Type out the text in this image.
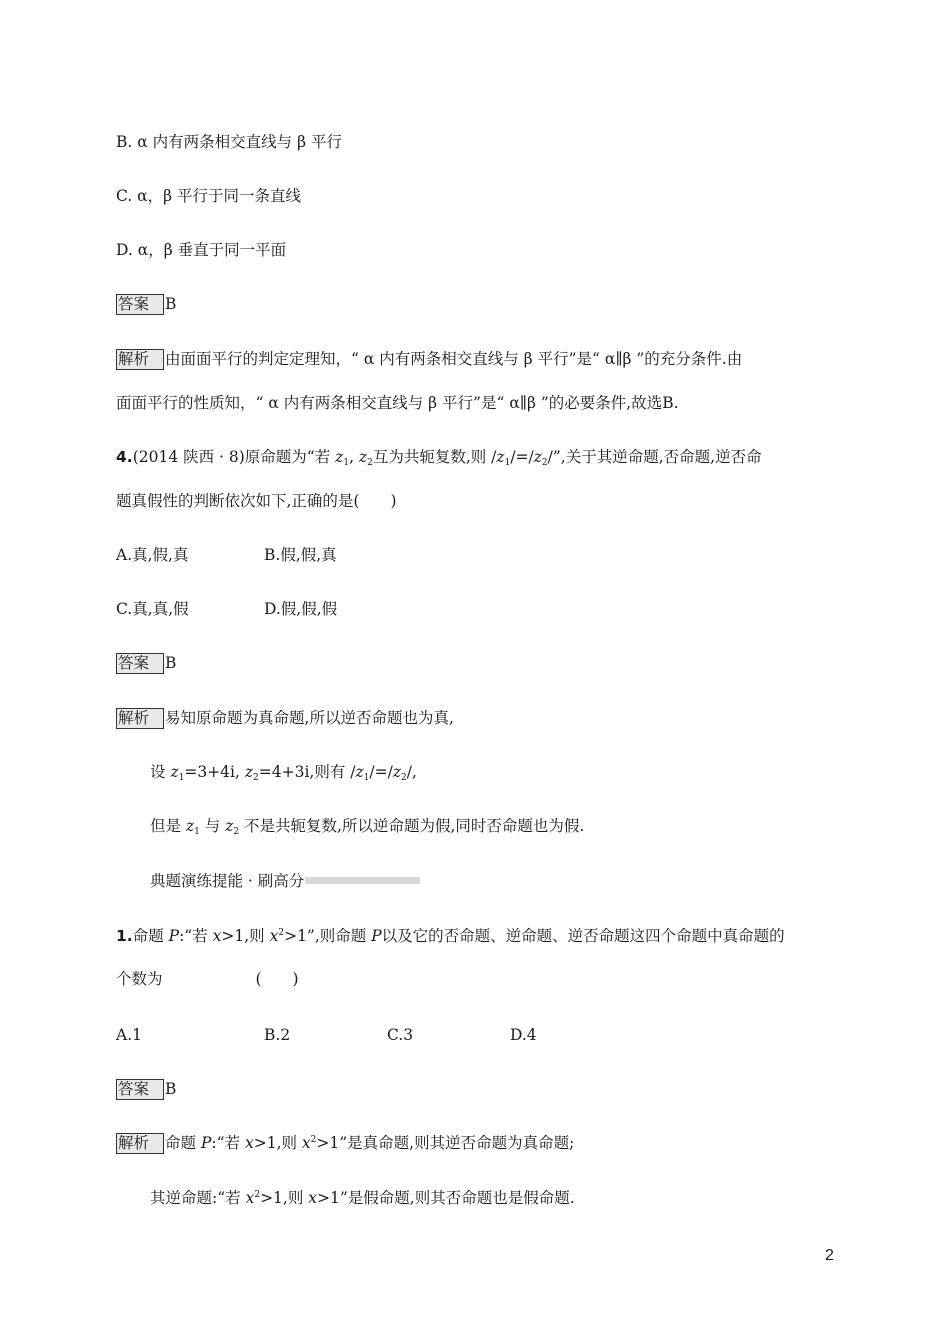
B. α 内有两条相交直线与 β 平行
C. α，β 平行于同一条直线
D. α，β 垂直于同一平面
答案 B
解析 由面面平行的判定定理知，“ α 内有两条相交直线与 β 平行”是“ α∥β ”的充分条件.由
面面平行的性质知，“ α 内有两条相交直线与 β 平行”是“ α∥β ”的必要条件,故选B.
4.(2014 陕西 · 8)原命题为“若 $z_1$, $z_2$互为共轭复数,则 $/z_1/=/z_2/$”,关于其逆命题,否命题,逆否命
题真假性的判断依次如下,正确的是(　　)
A.真,假,真	B.假,假,真
C.真,真,假	D.假,假,假
答案 B
解析 易知原命题为真命题,所以逆否命题也为真,
设 $z_1=3+4i$, $z_2=4+3i$,则有 $/z_1/=/z_2/$,
但是 $z_1$ 与 $z_2$ 不是共轭复数,所以逆命题为假,同时否命题也为假.
典题演练提能 · 刷高分
1.命题 P:“若 x>1,则 $x^2>1$”,则命题 P以及它的否命题、逆命题、逆否命题这四个命题中真命题的
个数为　　　　　　(　　)
A.1	B.2	C.3	D.4
答案 B
解析 命题 P:“若 x>1,则 $x^2>1$”是真命题,则其逆否命题为真命题;
其逆命题:“若 $x^2>1$,则 x>1”是假命题,则其否命题也是假命题.
2
